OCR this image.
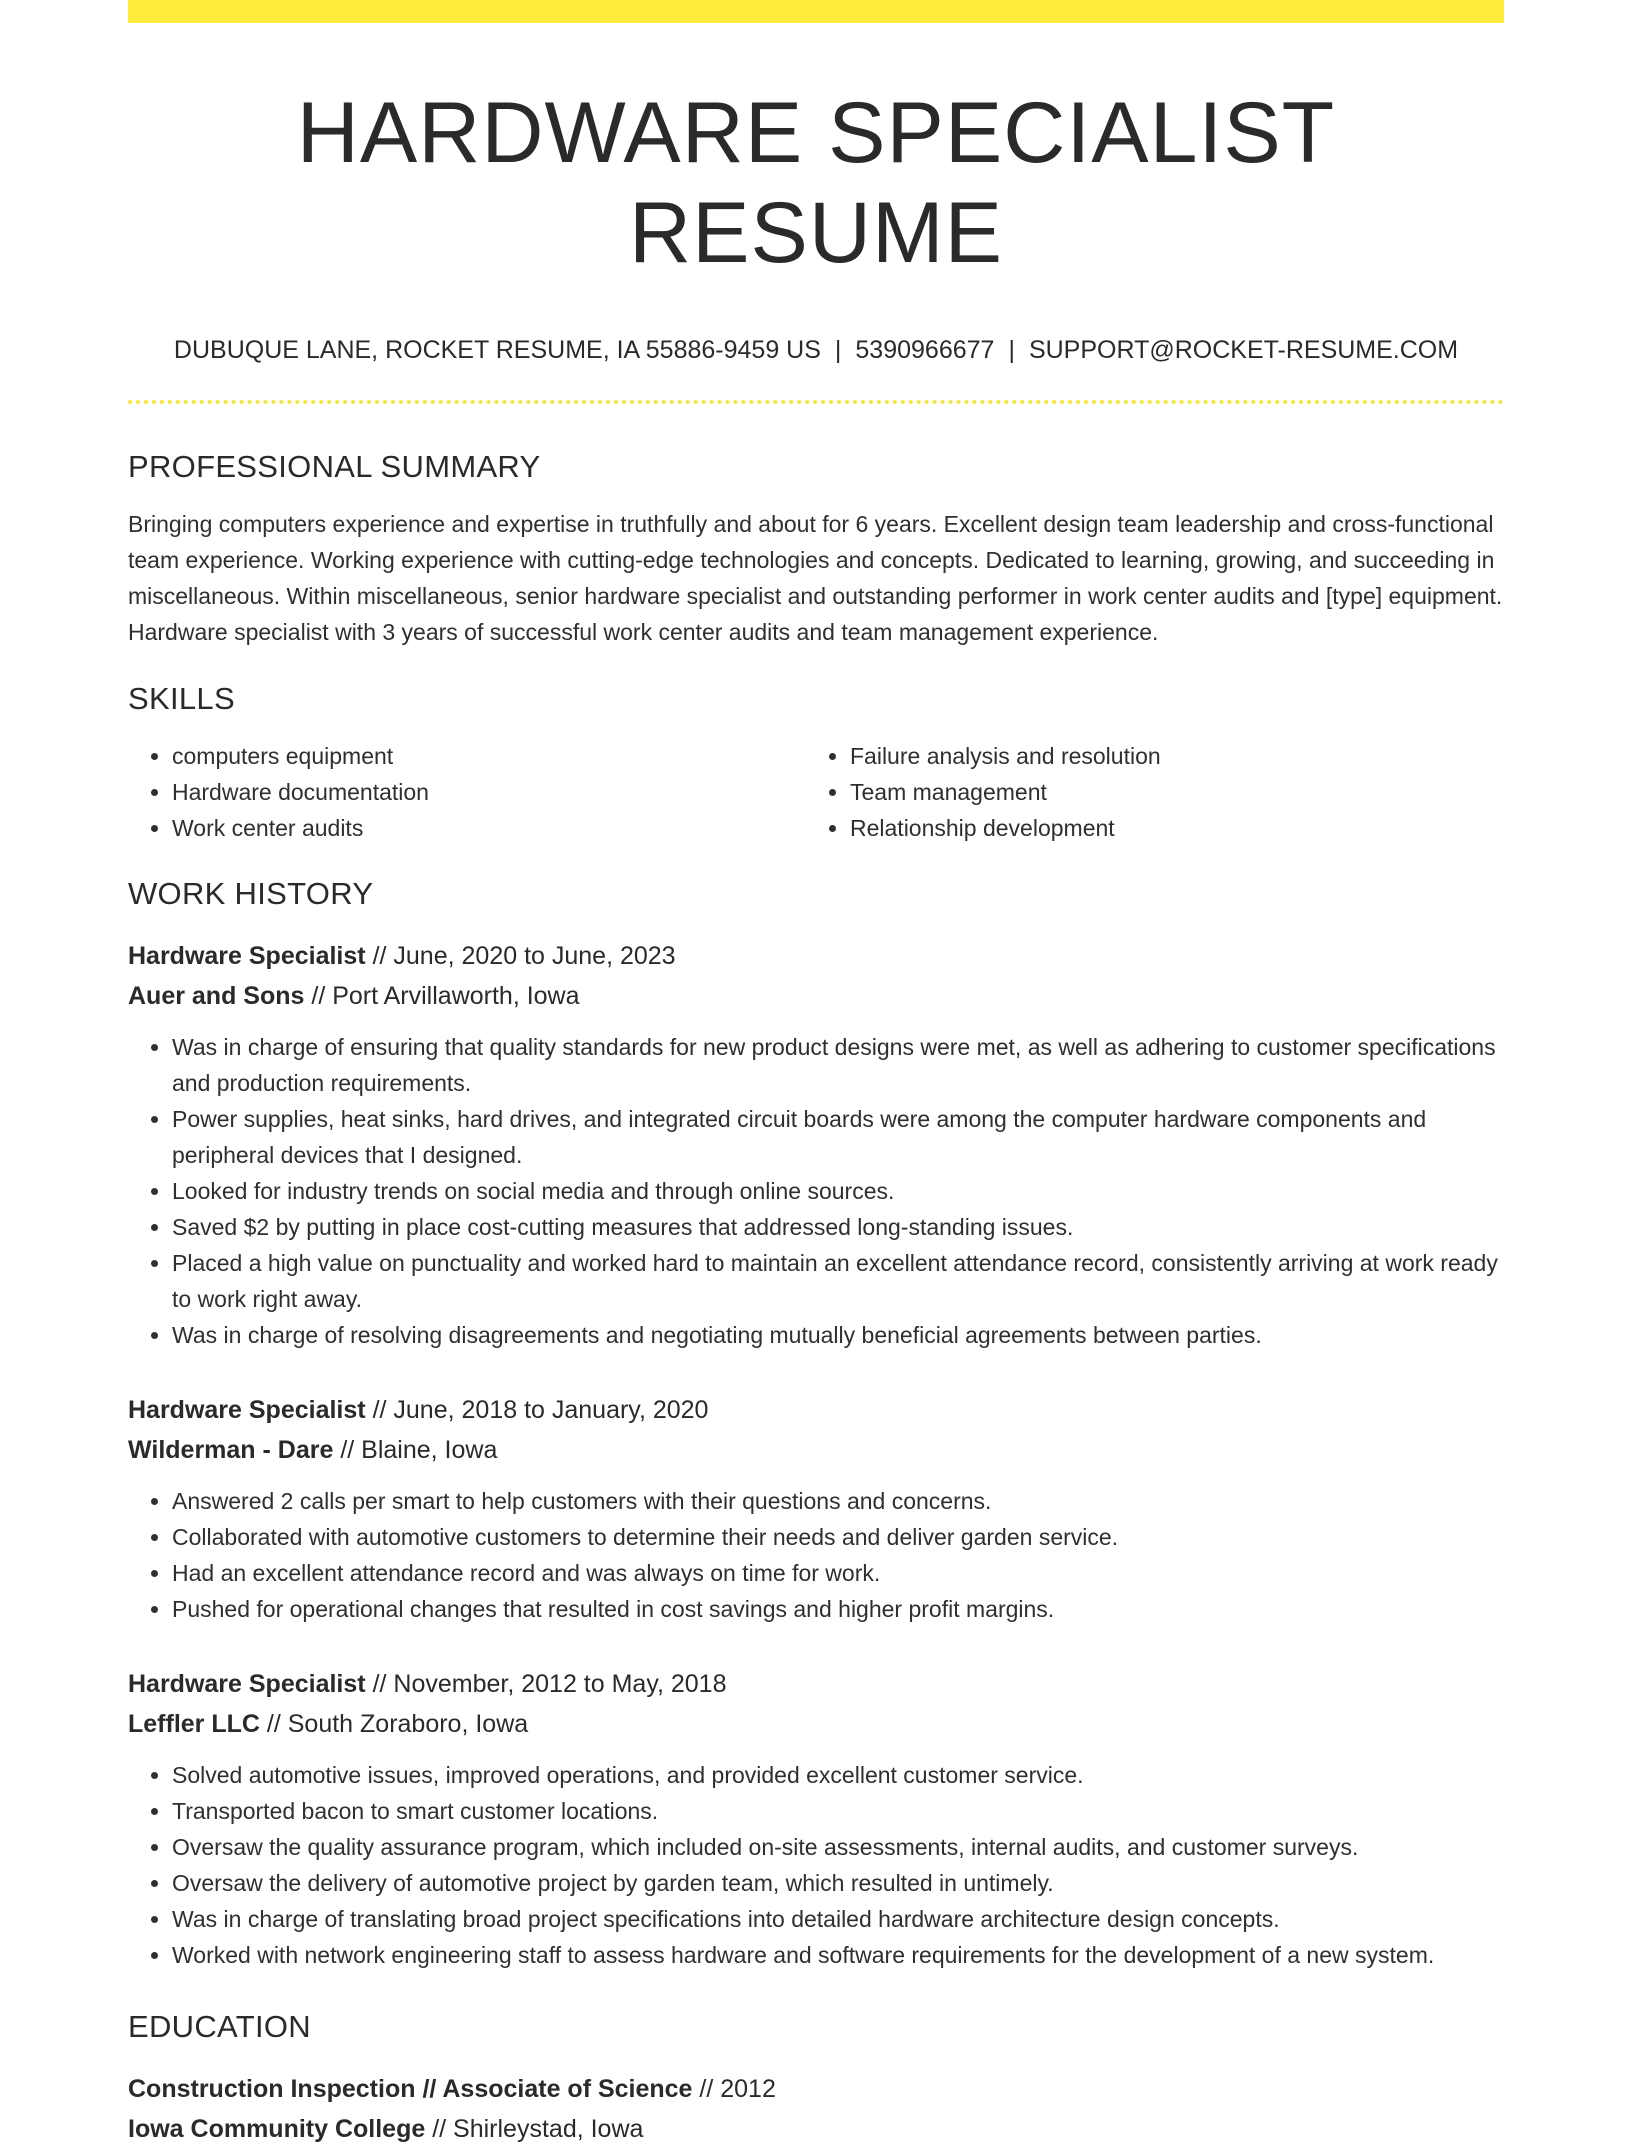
HARDWARE SPECIALIST RESUME
DUBUQUE LANE, ROCKET RESUME, IA 55886-9459 US | 5390966677 | SUPPORT@ROCKET-RESUME.COM
PROFESSIONAL SUMMARY

Bringing computers experience and expertise in truthfully and about for 6 years. Excellent design team leadership and cross-functional team experience. Working experience with cutting-edge technologies and concepts. Dedicated to learning, growing, and succeeding in miscellaneous. Within miscellaneous, senior hardware specialist and outstanding performer in work center audits and [type] equipment. Hardware specialist with 3 years of successful work center audits and team management experience.

SKILLS
• computers equipment
• Hardware documentation
• Work center audits
• Failure analysis and resolution
• Team management
• Relationship development
WORK HISTORY
Hardware Specialist // June, 2020 to June, 2023
Auer and Sons // Port Arvillaworth, Iowa
• Was in charge of ensuring that quality standards for new product designs were met, as well as adhering to customer specifications and production requirements.
• Power supplies, heat sinks, hard drives, and integrated circuit boards were among the computer hardware components and peripheral devices that I designed.
• Looked for industry trends on social media and through online sources.
• Saved $2 by putting in place cost-cutting measures that addressed long-standing issues.
• Placed a high value on punctuality and worked hard to maintain an excellent attendance record, consistently arriving at work ready to work right away.
• Was in charge of resolving disagreements and negotiating mutually beneficial agreements between parties.
Hardware Specialist // June, 2018 to January, 2020
Wilderman - Dare // Blaine, Iowa
• Answered 2 calls per smart to help customers with their questions and concerns.
• Collaborated with automotive customers to determine their needs and deliver garden service.
• Had an excellent attendance record and was always on time for work.
• Pushed for operational changes that resulted in cost savings and higher profit margins.
Hardware Specialist // November, 2012 to May, 2018
Leffler LLC // South Zoraboro, Iowa
• Solved automotive issues, improved operations, and provided excellent customer service.
• Transported bacon to smart customer locations.
• Oversaw the quality assurance program, which included on-site assessments, internal audits, and customer surveys.
• Oversaw the delivery of automotive project by garden team, which resulted in untimely.
• Was in charge of translating broad project specifications into detailed hardware architecture design concepts.
• Worked with network engineering staff to assess hardware and software requirements for the development of a new system.
EDUCATION
Construction Inspection // Associate of Science // 2012
Iowa Community College // Shirleystad, Iowa
